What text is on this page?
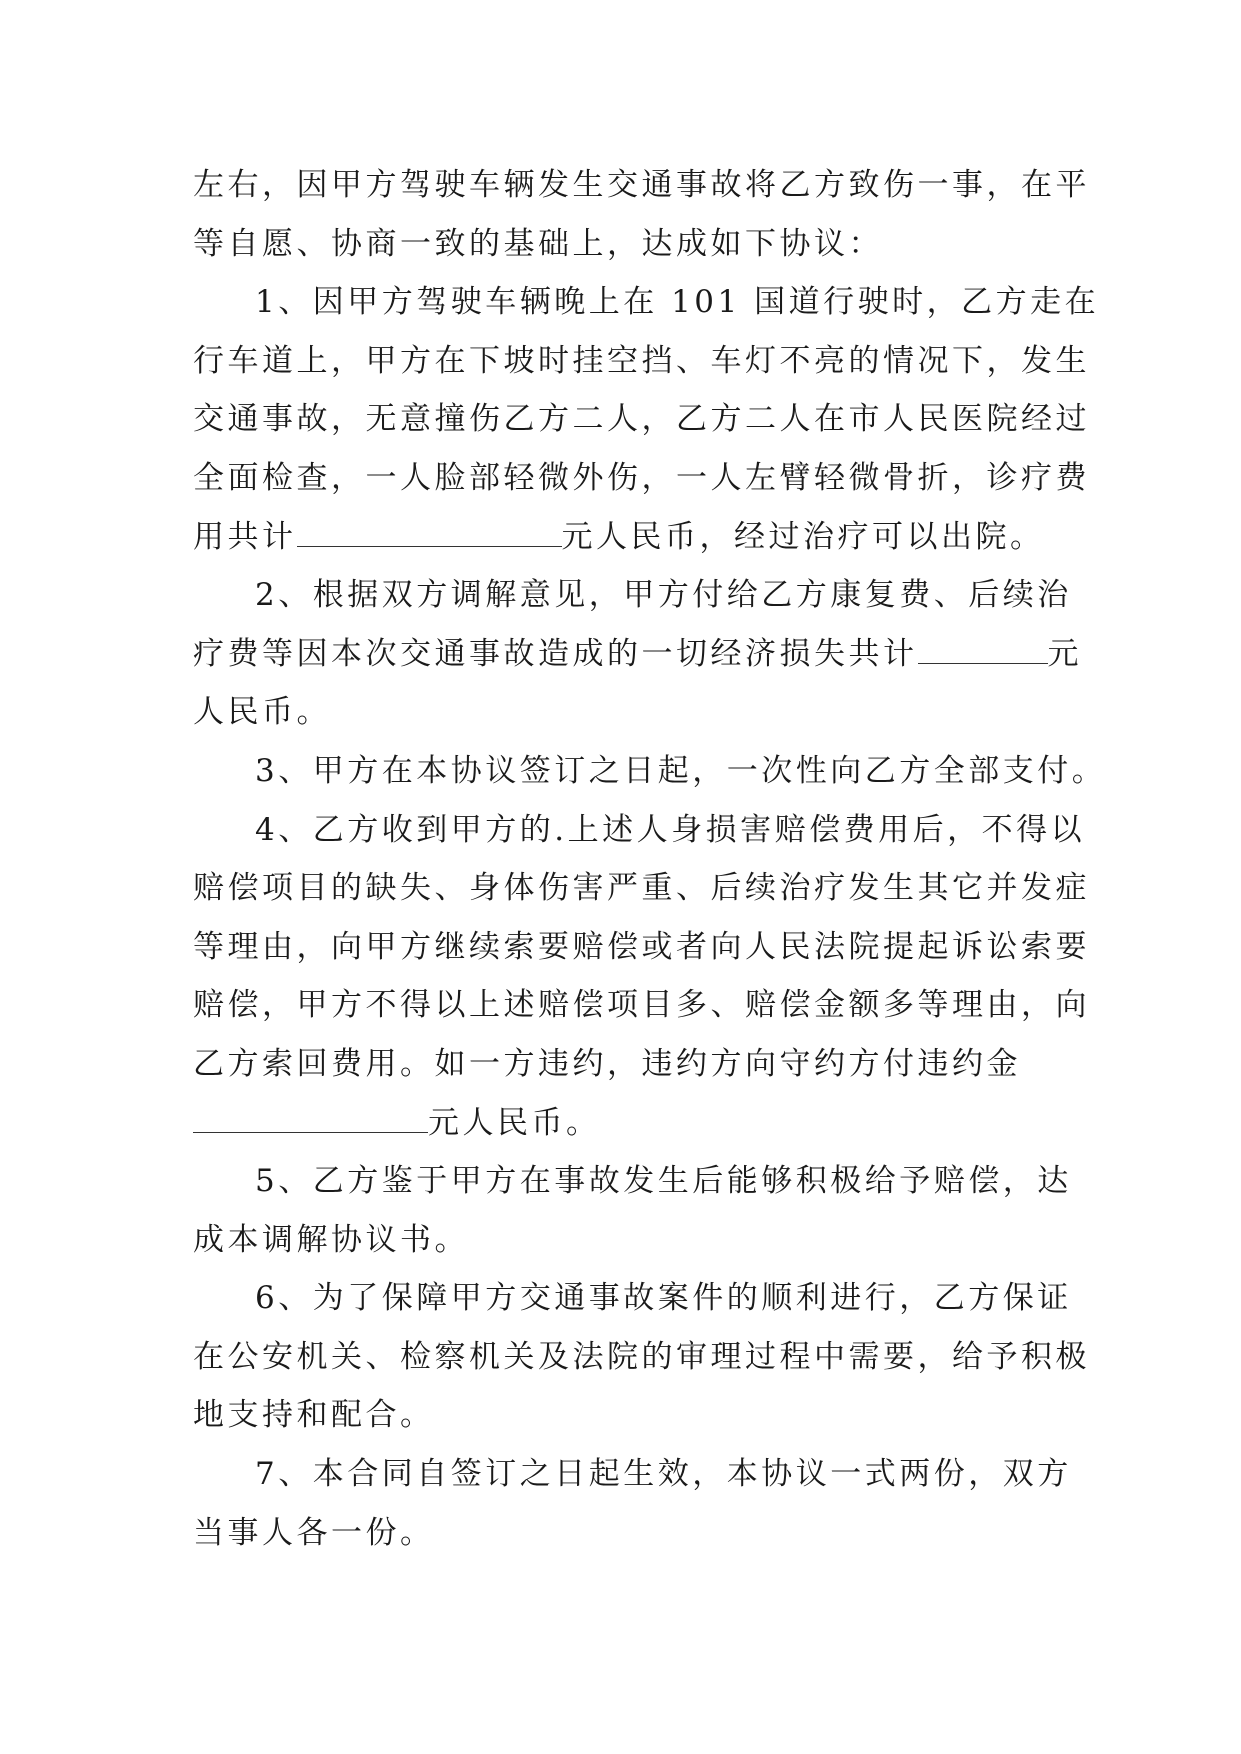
左右，因甲方驾驶车辆发生交通事故将乙方致伤一事，在平
等自愿、协商一致的基础上，达成如下协议：
1、因甲方驾驶车辆晚上在 101 国道行驶时，乙方走在
行车道上，甲方在下坡时挂空挡、车灯不亮的情况下，发生
交通事故，无意撞伤乙方二人，乙方二人在市人民医院经过
全面检查，一人脸部轻微外伤，一人左臂轻微骨折，诊疗费
用共计	元人民币，经过治疗可以出院。
2、根据双方调解意见，甲方付给乙方康复费、后续治
疗费等因本次交通事故造成的一切经济损失共计	元
人民币。
3、甲方在本协议签订之日起，一次性向乙方全部支付。
4、乙方收到甲方的.上述人身损害赔偿费用后，不得以
赔偿项目的缺失、身体伤害严重、后续治疗发生其它并发症
等理由，向甲方继续索要赔偿或者向人民法院提起诉讼索要
赔偿，甲方不得以上述赔偿项目多、赔偿金额多等理由，向
乙方索回费用。如一方违约，违约方向守约方付违约金
元人民币。
5、乙方鉴于甲方在事故发生后能够积极给予赔偿，达
成本调解协议书。
6、为了保障甲方交通事故案件的顺利进行，乙方保证
在公安机关、检察机关及法院的审理过程中需要，给予积极
地支持和配合。
7、本合同自签订之日起生效，本协议一式两份，双方
当事人各一份。
